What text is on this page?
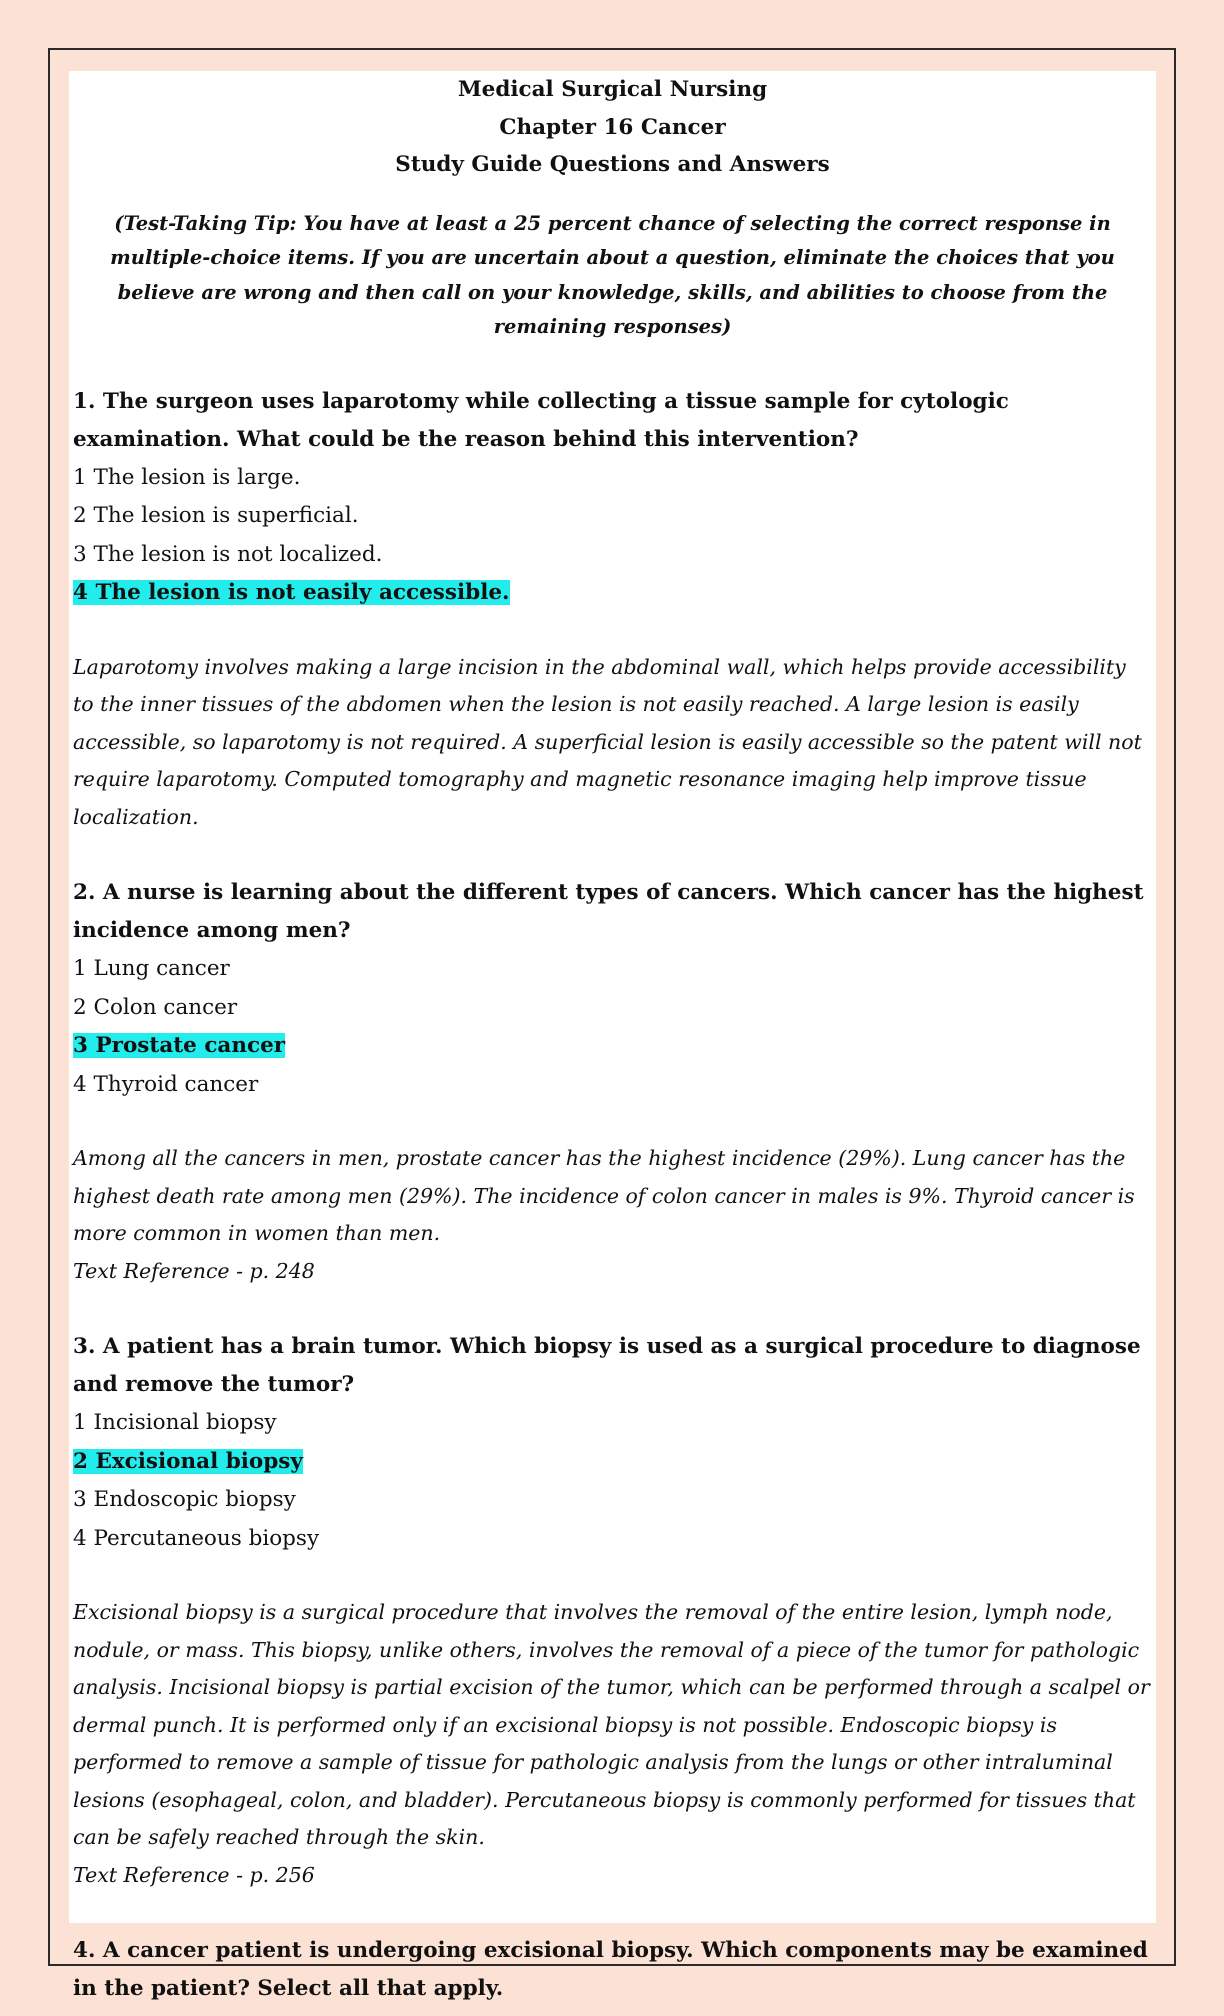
Medical Surgical Nursing
Chapter 16 Cancer
Study Guide Questions and Answers
(Test-Taking Tip: You have at least a 25 percent chance of selecting the correct response in multiple-choice items. If you are uncertain about a question, eliminate the choices that you believe are wrong and then call on your knowledge, skills, and abilities to choose from the remaining responses)

1. The surgeon uses laparotomy while collecting a tissue sample for cytologic examination. What could be the reason behind this intervention?

1 The lesion is large.

2 The lesion is superficial.

3 The lesion is not localized.

4 The lesion is not easily accessible.

Laparotomy involves making a large incision in the abdominal wall, which helps provide accessibility to the inner tissues of the abdomen when the lesion is not easily reached. A large lesion is easily accessible, so laparotomy is not required. A superficial lesion is easily accessible so the patent will not require laparotomy. Computed tomography and magnetic resonance imaging help improve tissue localization.

2. A nurse is learning about the different types of cancers. Which cancer has the highest incidence among men?

1 Lung cancer

2 Colon cancer

3 Prostate cancer

4 Thyroid cancer

Among all the cancers in men, prostate cancer has the highest incidence (29%). Lung cancer has the highest death rate among men (29%). The incidence of colon cancer in males is 9%. Thyroid cancer is more common in women than men.

Text Reference - p. 248

3. A patient has a brain tumor. Which biopsy is used as a surgical procedure to diagnose and remove the tumor?

1 Incisional biopsy

2 Excisional biopsy

3 Endoscopic biopsy

4 Percutaneous biopsy

Excisional biopsy is a surgical procedure that involves the removal of the entire lesion, lymph node, nodule, or mass. This biopsy, unlike others, involves the removal of a piece of the tumor for pathologic analysis. Incisional biopsy is partial excision of the tumor, which can be performed through a scalpel or dermal punch. It is performed only if an excisional biopsy is not possible. Endoscopic biopsy is performed to remove a sample of tissue for pathologic analysis from the lungs or other intraluminal lesions (esophageal, colon, and bladder). Percutaneous biopsy is commonly performed for tissues that can be safely reached through the skin.

Text Reference - p. 256

4. A cancer patient is undergoing excisional biopsy. Which components may be examined in the patient? Select all that apply.
